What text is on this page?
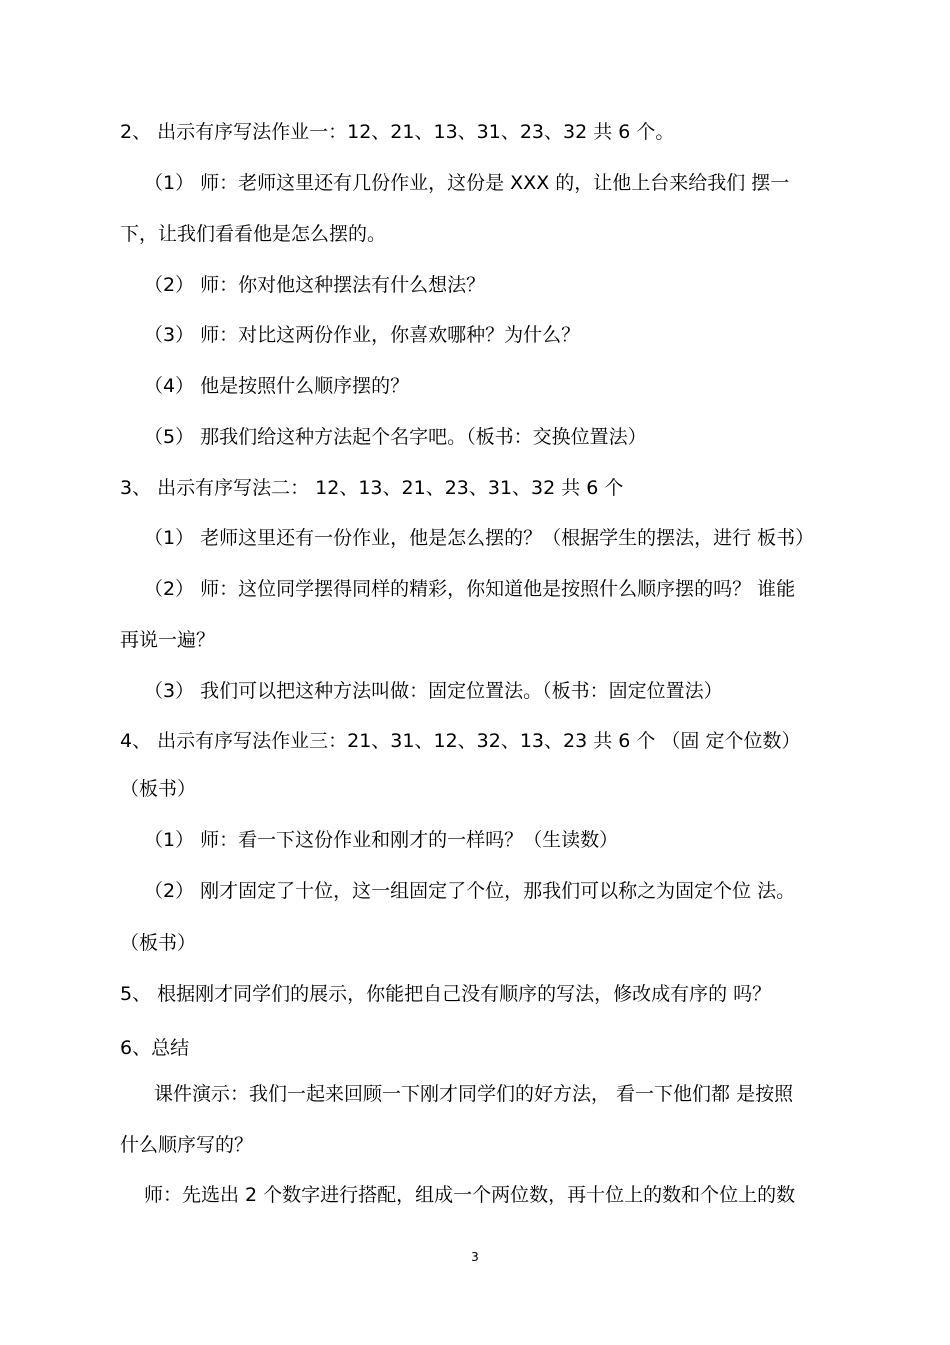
2、 出示有序写法作业一：12、21、13、31、23、32 共 6 个。
（1） 师：老师这里还有几份作业，这份是 XXX 的，让他上台来给我们 摆一
下，让我们看看他是怎么摆的。
（2） 师：你对他这种摆法有什么想法？
（3） 师：对比这两份作业，你喜欢哪种？为什么？
（4） 他是按照什么顺序摆的？
（5） 那我们给这种方法起个名字吧。（板书：交换位置法）
3、 出示有序写法二： 12、13、21、23、31、32 共 6 个
（1） 老师这里还有一份作业，他是怎么摆的？（根据学生的摆法，进行 板书）
（2） 师：这位同学摆得同样的精彩，你知道他是按照什么顺序摆的吗？ 谁能
再说一遍？
（3） 我们可以把这种方法叫做：固定位置法。（板书：固定位置法）
4、 出示有序写法作业三：21、31、12、32、13、23 共 6 个 （固 定个位数）
（板书）
（1） 师：看一下这份作业和刚才的一样吗？（生读数）
（2） 刚才固定了十位，这一组固定了个位，那我们可以称之为固定个位 法。
（板书）
5、 根据刚才同学们的展示，你能把自己没有顺序的写法，修改成有序的 吗？
6、总结
课件演示：我们一起来回顾一下刚才同学们的好方法， 看一下他们都 是按照
什么顺序写的？
师：先选出 2 个数字进行搭配，组成一个两位数，再十位上的数和个位上的数
3
